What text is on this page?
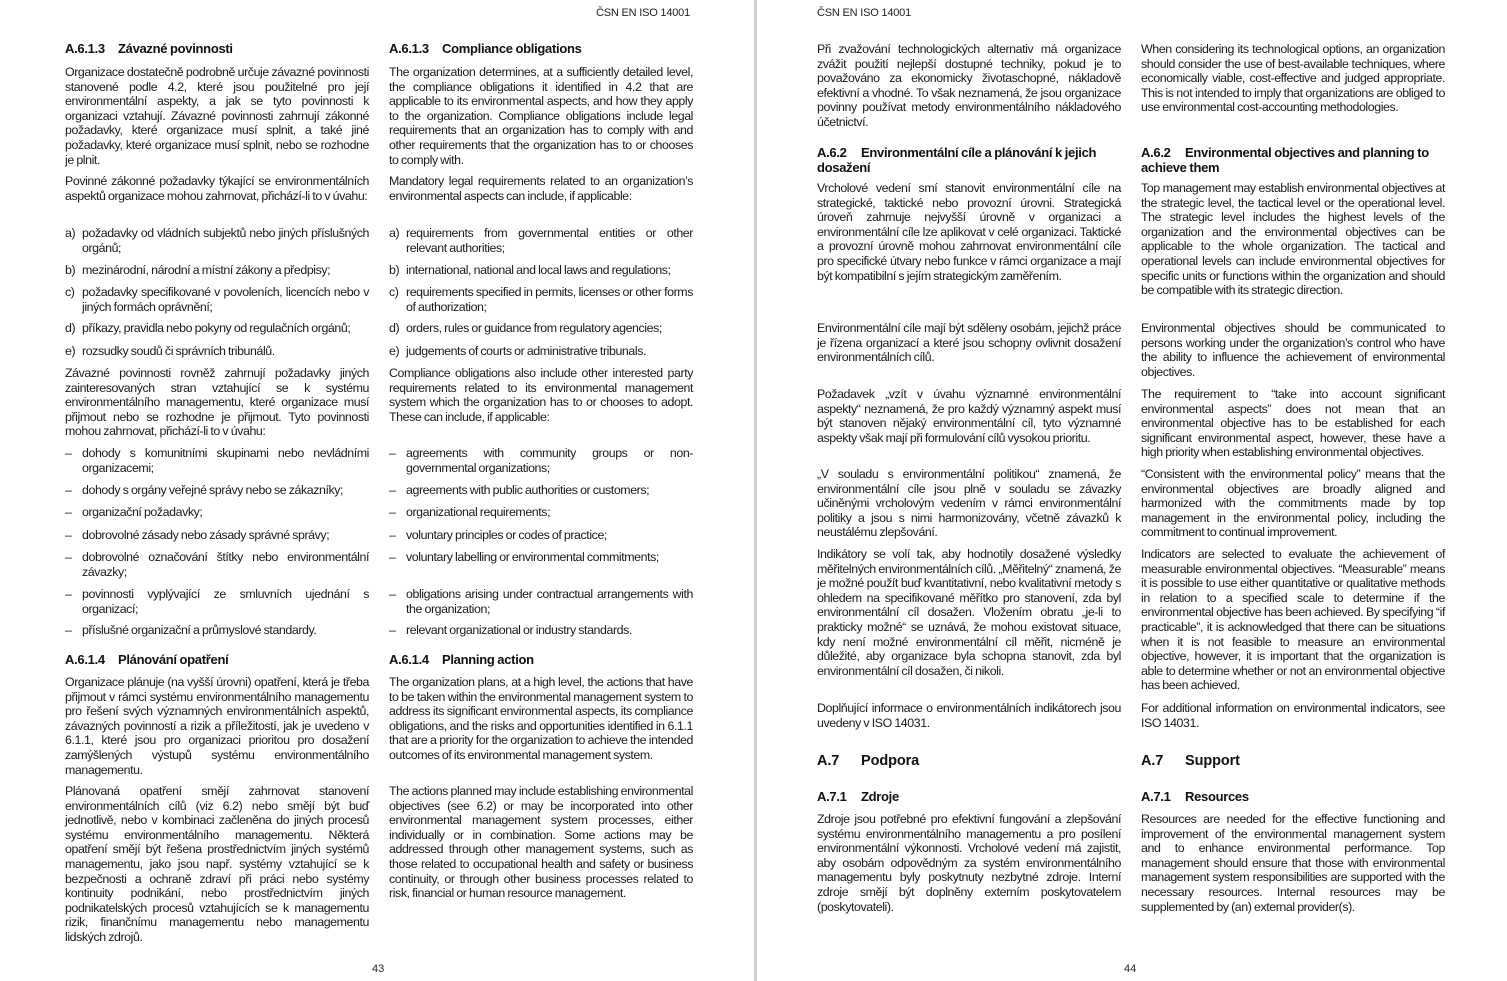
ČSN EN ISO 14001
A.6.1.3 Závazné povinnosti
Organizace dostatečně podrobně určuje závazné povinnosti stanovené podle 4.2, které jsou použitelné pro její environmentální aspekty, a jak se tyto povinnosti k organizaci vztahují. Závazné povinnosti zahrnují zákonné požadavky, které organizace musí splnit, a také jiné požadavky, které organizace musí splnit, nebo se rozhodne je plnit.
Povinné zákonné požadavky týkající se environmentálních aspektů organizace mohou zahrnovat, přichází-li to v úvahu:
a) požadavky od vládních subjektů nebo jiných příslušných orgánů;
b) mezinárodní, národní a místní zákony a předpisy;
c) požadavky specifikované v povoleních, licencích nebo v jiných formách oprávnění;
d) příkazy, pravidla nebo pokyny od regulačních orgánů;
e) rozsudky soudů či správních tribunálů.
Závazné povinnosti rovněž zahrnují požadavky jiných zainteresovaných stran vztahující se k systému environmentálního managementu, které organizace musí přijmout nebo se rozhodne je přijmout. Tyto povinnosti mohou zahrnovat, přichází-li to v úvahu:
– dohody s komunitními skupinami nebo nevládními organizacemi;
– dohody s orgány veřejné správy nebo se zákazníky;
– organizační požadavky;
– dobrovolné zásady nebo zásady správné správy;
– dobrovolné označování štítky nebo environmentální závazky;
– povinnosti vyplývající ze smluvních ujednání s organizací;
– příslušné organizační a průmyslové standardy.
A.6.1.4 Plánování opatření
Organizace plánuje (na vyšší úrovni) opatření, která je třeba přijmout v rámci systému environmentálního managementu pro řešení svých významných environmentálních aspektů, závazných povinností a rizik a příležitostí, jak je uvedeno v 6.1.1, které jsou pro organizaci prioritou pro dosažení zamýšlených výstupů systému environmentálního managementu.
Plánovaná opatření smějí zahrnovat stanovení environmentálních cílů (viz 6.2) nebo smějí být buď jednotlivě, nebo v kombinaci začleněna do jiných procesů systému environmentálního managementu. Některá opatření smějí být řešena prostřednictvím jiných systémů managementu, jako jsou např. systémy vztahující se k bezpečnosti a ochraně zdraví při práci nebo systémy kontinuity podnikání, nebo prostřednictvím jiných podnikatelských procesů vztahujících se k managementu rizik, finančnímu managementu nebo managementu lidských zdrojů.
A.6.1.3 Compliance obligations
The organization determines, at a sufficiently detailed level, the compliance obligations it identified in 4.2 that are applicable to its environmental aspects, and how they apply to the organization. Compliance obligations include legal requirements that an organization has to comply with and other requirements that the organization has to or chooses to comply with.
Mandatory legal requirements related to an organization’s environmental aspects can include, if applicable:
a) requirements from governmental entities or other relevant authorities;
b) international, national and local laws and regulations;
c) requirements specified in permits, licenses or other forms of authorization;
d) orders, rules or guidance from regulatory agencies;
e) judgements of courts or administrative tribunals.
Compliance obligations also include other interested party requirements related to its environmental management system which the organization has to or chooses to adopt. These can include, if applicable:
– agreements with community groups or non-governmental organizations;
– agreements with public authorities or customers;
– organizational requirements;
– voluntary principles or codes of practice;
– voluntary labelling or environmental commitments;
– obligations arising under contractual arrangements with the organization;
– relevant organizational or industry standards.
A.6.1.4 Planning action
The organization plans, at a high level, the actions that have to be taken within the environmental management system to address its significant environmental aspects, its compliance obligations, and the risks and opportunities identified in 6.1.1 that are a priority for the organization to achieve the intended outcomes of its environmental management system.
The actions planned may include establishing environmental objectives (see 6.2) or may be incorporated into other environmental management system processes, either individually or in combination. Some actions may be addressed through other management systems, such as those related to occupational health and safety or business continuity, or through other business processes related to risk, financial or human resource management.
43
ČSN EN ISO 14001
Při zvažování technologických alternativ má organizace zvážit použití nejlepší dostupné techniky, pokud je to považováno za ekonomicky životaschopné, nákladově efektivní a vhodné. To však neznamená, že jsou organizace povinny používat metody environmentálního nákladového účetnictví.
A.6.2 Environmentální cíle a plánování k jejich dosažení
Vrcholové vedení smí stanovit environmentální cíle na strategické, taktické nebo provozní úrovni. Strategická úroveň zahrnuje nejvyšší úrovně v organizaci a environmentální cíle lze aplikovat v celé organizaci. Taktické a provozní úrovně mohou zahrnovat environmentální cíle pro specifické útvary nebo funkce v rámci organizace a mají být kompatibilní s jejím strategickým zaměřením.
Environmentální cíle mají být sděleny osobám, jejichž práce je řízena organizací a které jsou schopny ovlivnit dosažení environmentálních cílů.
Požadavek „vzít v úvahu významné environmentální aspekty“ neznamená, že pro každý významný aspekt musí být stanoven nějaký environmentální cíl, tyto významné aspekty však mají při formulování cílů vysokou prioritu.
„V souladu s environmentální politikou“ znamená, že environmentální cíle jsou plně v souladu se závazky učiněnými vrcholovým vedením v rámci environmentální politiky a jsou s nimi harmonizovány, včetně závazků k neustálému zlepšování.
Indikátory se volí tak, aby hodnotily dosažené výsledky měřitelných environmentálních cílů. „Měřitelný“ znamená, že je možné použít buď kvantitativní, nebo kvalitativní metody s ohledem na specifikované měřítko pro stanovení, zda byl environmentální cíl dosažen. Vložením obratu „je-li to prakticky možné“ se uznává, že mohou existovat situace, kdy není možné environmentální cíl měřit, nicméně je důležité, aby organizace byla schopna stanovit, zda byl environmentální cíl dosažen, či nikoli.
Doplňující informace o environmentálních indikátorech jsou uvedeny v ISO 14031.
A.7 Podpora
A.7.1 Zdroje
Zdroje jsou potřebné pro efektivní fungování a zlepšování systému environmentálního managementu a pro posílení environmentální výkonnosti. Vrcholové vedení má zajistit, aby osobám odpovědným za systém environmentálního managementu byly poskytnuty nezbytné zdroje. Interní zdroje smějí být doplněny externím poskytovatelem (poskytovateli).
When considering its technological options, an organization should consider the use of best-available techniques, where economically viable, cost-effective and judged appropriate. This is not intended to imply that organizations are obliged to use environmental cost-accounting methodologies.
A.6.2 Environmental objectives and planning to achieve them
Top management may establish environmental objectives at the strategic level, the tactical level or the operational level. The strategic level includes the highest levels of the organization and the environmental objectives can be applicable to the whole organization. The tactical and operational levels can include environmental objectives for specific units or functions within the organization and should be compatible with its strategic direction.
Environmental objectives should be communicated to persons working under the organization’s control who have the ability to influence the achievement of environmental objectives.
The requirement to “take into account significant environmental aspects” does not mean that an environmental objective has to be established for each significant environmental aspect, however, these have a high priority when establishing environmental objectives.
“Consistent with the environmental policy” means that the environmental objectives are broadly aligned and harmonized with the commitments made by top management in the environmental policy, including the commitment to continual improvement.
Indicators are selected to evaluate the achievement of measurable environmental objectives. “Measurable” means it is possible to use either quantitative or qualitative methods in relation to a specified scale to determine if the environmental objective has been achieved. By specifying “if practicable”, it is acknowledged that there can be situations when it is not feasible to measure an environmental objective, however, it is important that the organization is able to determine whether or not an environmental objective has been achieved.
For additional information on environmental indicators, see ISO 14031.
A.7 Support
A.7.1 Resources
Resources are needed for the effective functioning and improvement of the environmental management system and to enhance environmental performance. Top management should ensure that those with environmental management system responsibilities are supported with the necessary resources. Internal resources may be supplemented by (an) external provider(s).
44
